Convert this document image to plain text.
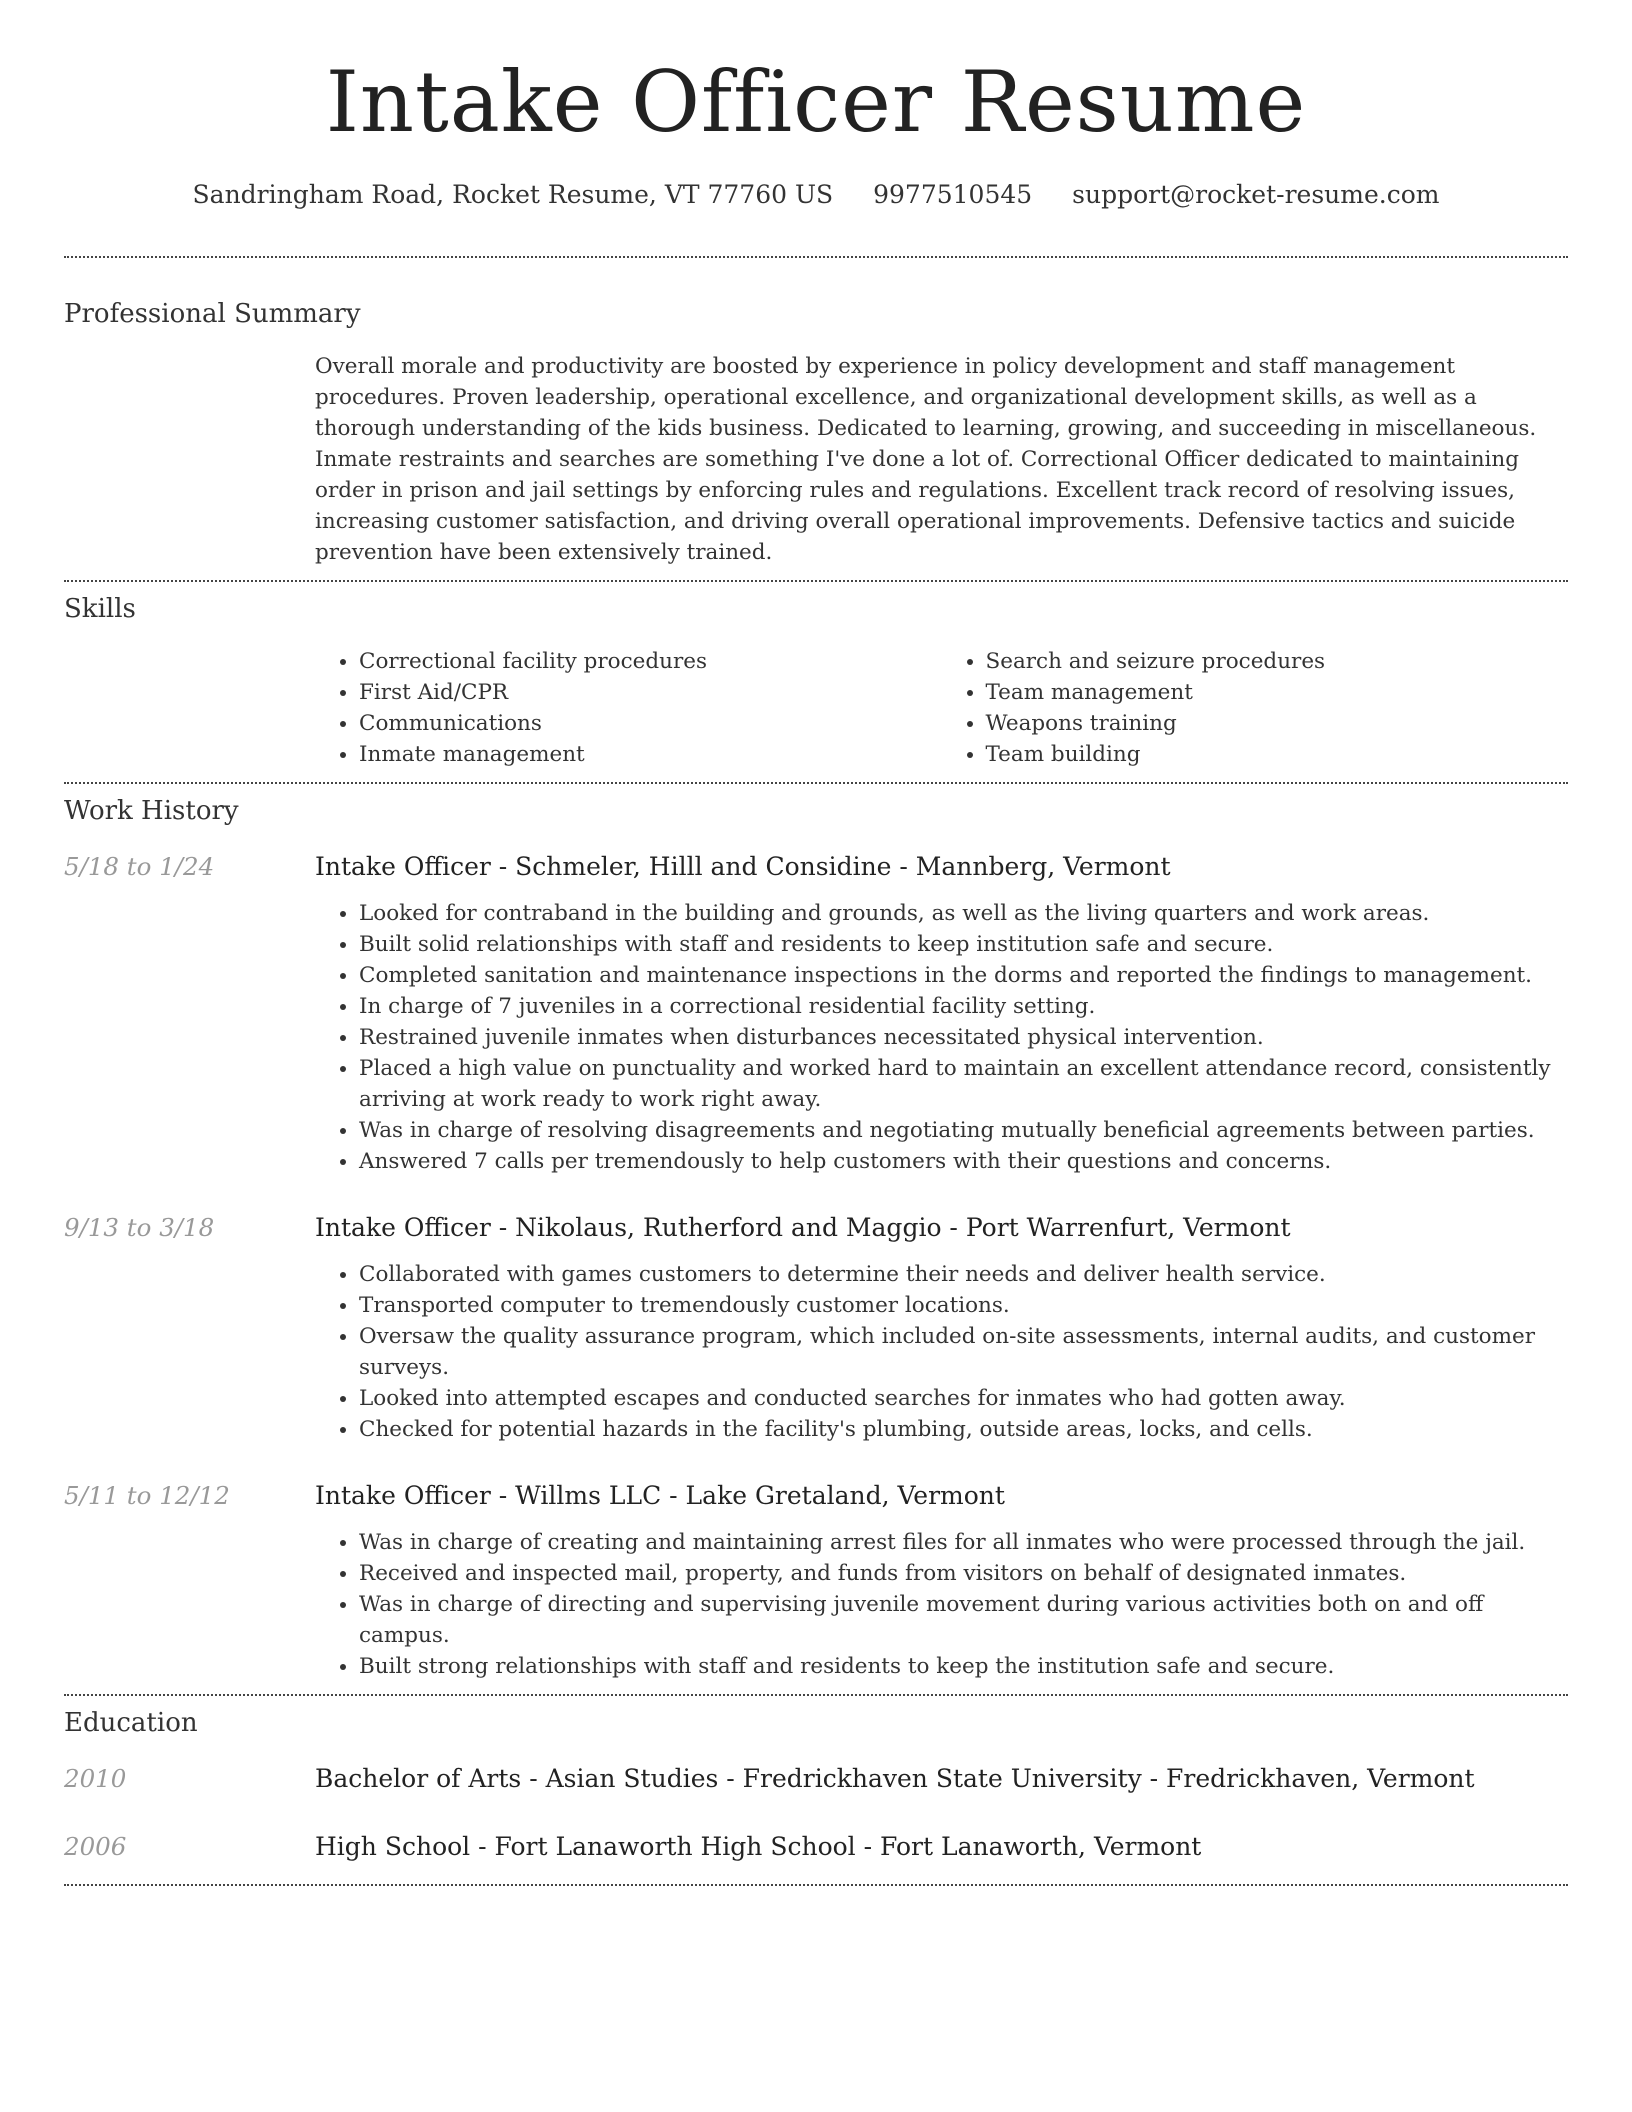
Intake Officer Resume
Sandringham Road, Rocket Resume, VT 77760 US 9977510545 support@rocket-resume.com
Professional Summary

Overall morale and productivity are boosted by experience in policy development and staff management procedures. Proven leadership, operational excellence, and organizational development skills, as well as a thorough understanding of the kids business. Dedicated to learning, growing, and succeeding in miscellaneous. Inmate restraints and searches are something I've done a lot of. Correctional Officer dedicated to maintaining order in prison and jail settings by enforcing rules and regulations. Excellent track record of resolving issues, increasing customer satisfaction, and driving overall operational improvements. Defensive tactics and suicide prevention have been extensively trained.

Skills
• Correctional facility procedures
• First Aid/CPR
• Communications
• Inmate management
• Search and seizure procedures
• Team management
• Weapons training
• Team building
Work History
5/18 to 1/24	Intake Officer - Schmeler, Hilll and Considine - Mannberg, Vermont
• Looked for contraband in the building and grounds, as well as the living quarters and work areas.
• Built solid relationships with staff and residents to keep institution safe and secure.
• Completed sanitation and maintenance inspections in the dorms and reported the findings to management.
• In charge of 7 juveniles in a correctional residential facility setting.
• Restrained juvenile inmates when disturbances necessitated physical intervention.
• Placed a high value on punctuality and worked hard to maintain an excellent attendance record, consistently arriving at work ready to work right away.
• Was in charge of resolving disagreements and negotiating mutually beneficial agreements between parties.
• Answered 7 calls per tremendously to help customers with their questions and concerns.
9/13 to 3/18	Intake Officer - Nikolaus, Rutherford and Maggio - Port Warrenfurt, Vermont
• Collaborated with games customers to determine their needs and deliver health service.
• Transported computer to tremendously customer locations.
• Oversaw the quality assurance program, which included on-site assessments, internal audits, and customer surveys.
• Looked into attempted escapes and conducted searches for inmates who had gotten away.
• Checked for potential hazards in the facility's plumbing, outside areas, locks, and cells.
5/11 to 12/12	Intake Officer - Willms LLC - Lake Gretaland, Vermont
• Was in charge of creating and maintaining arrest files for all inmates who were processed through the jail.
• Received and inspected mail, property, and funds from visitors on behalf of designated inmates.
• Was in charge of directing and supervising juvenile movement during various activities both on and off campus.
• Built strong relationships with staff and residents to keep the institution safe and secure.
Education
2010	Bachelor of Arts - Asian Studies - Fredrickhaven State University - Fredrickhaven, Vermont
2006	High School - Fort Lanaworth High School - Fort Lanaworth, Vermont
